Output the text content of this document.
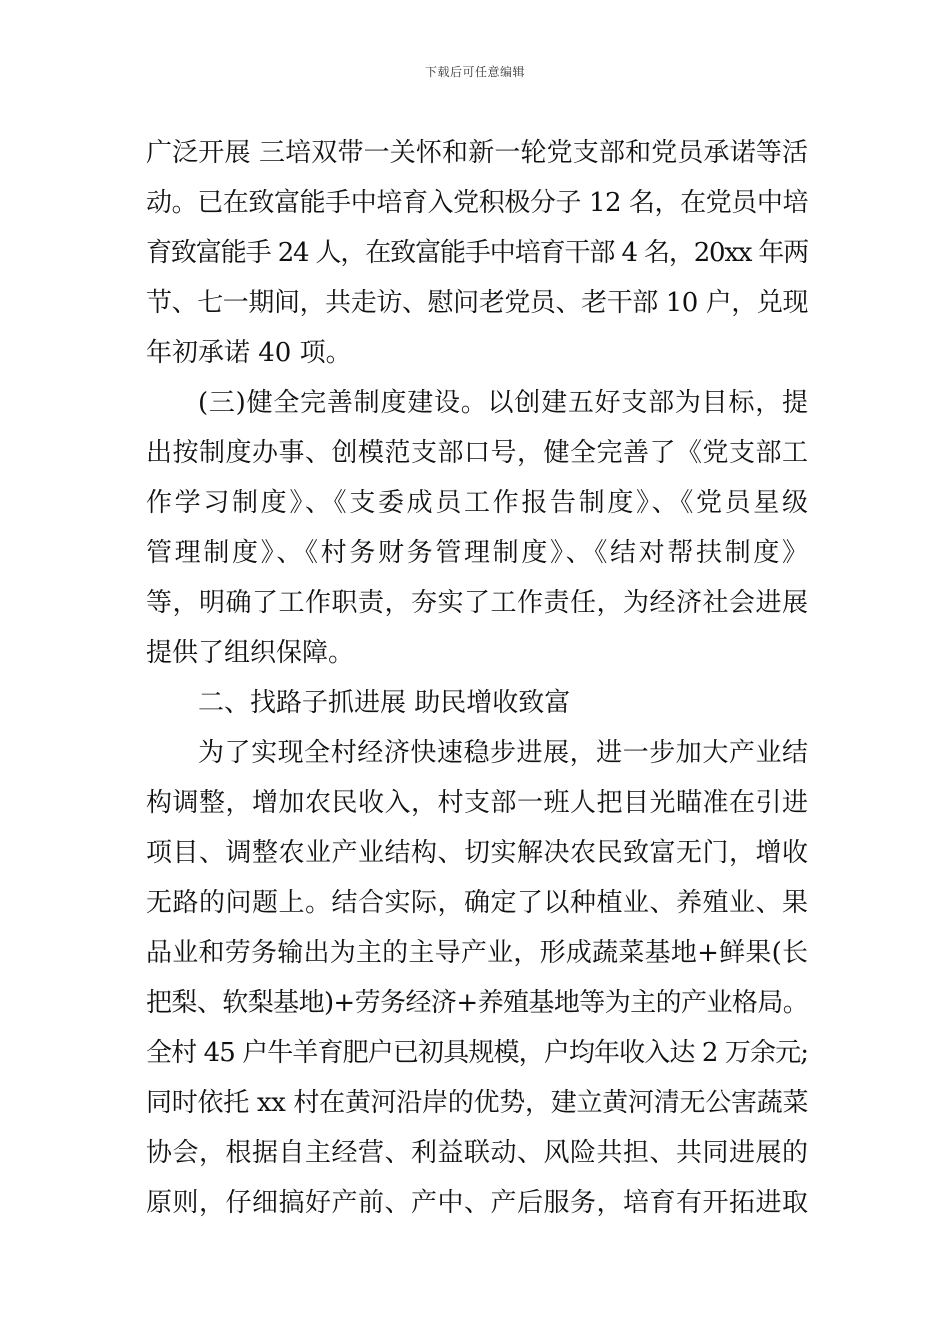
下载后可任意编辑
广泛开展 三培双带一关怀和新一轮党支部和党员承诺等活
动。已在致富能手中培育入党积极分子 12 名，在党员中培
育致富能手 24 人，在致富能手中培育干部 4 名，20xx 年两
节、七一期间，共走访、慰问老党员、老干部 10 户，兑现
年初承诺 40 项。
(三)健全完善制度建设。以创建五好支部为目标，提
出按制度办事、创模范支部口号，健全完善了《党支部工
作学习制度》、《支委成员工作报告制度》、《党员星级
管理制度》、《村务财务管理制度》、《结对帮扶制度》
等，明确了工作职责，夯实了工作责任，为经济社会进展
提供了组织保障。
二、找路子抓进展 助民增收致富
为了实现全村经济快速稳步进展，进一步加大产业结
构调整，增加农民收入，村支部一班人把目光瞄准在引进
项目、调整农业产业结构、切实解决农民致富无门，增收
无路的问题上。结合实际，确定了以种植业、养殖业、果
品业和劳务输出为主的主导产业，形成蔬菜基地+鲜果(长
把梨、软梨基地)+劳务经济+养殖基地等为主的产业格局。
全村 45 户牛羊育肥户已初具规模，户均年收入达 2 万余元;
同时依托 xx 村在黄河沿岸的优势，建立黄河清无公害蔬菜
协会，根据自主经营、利益联动、风险共担、共同进展的
原则，仔细搞好产前、产中、产后服务，培育有开拓进取
